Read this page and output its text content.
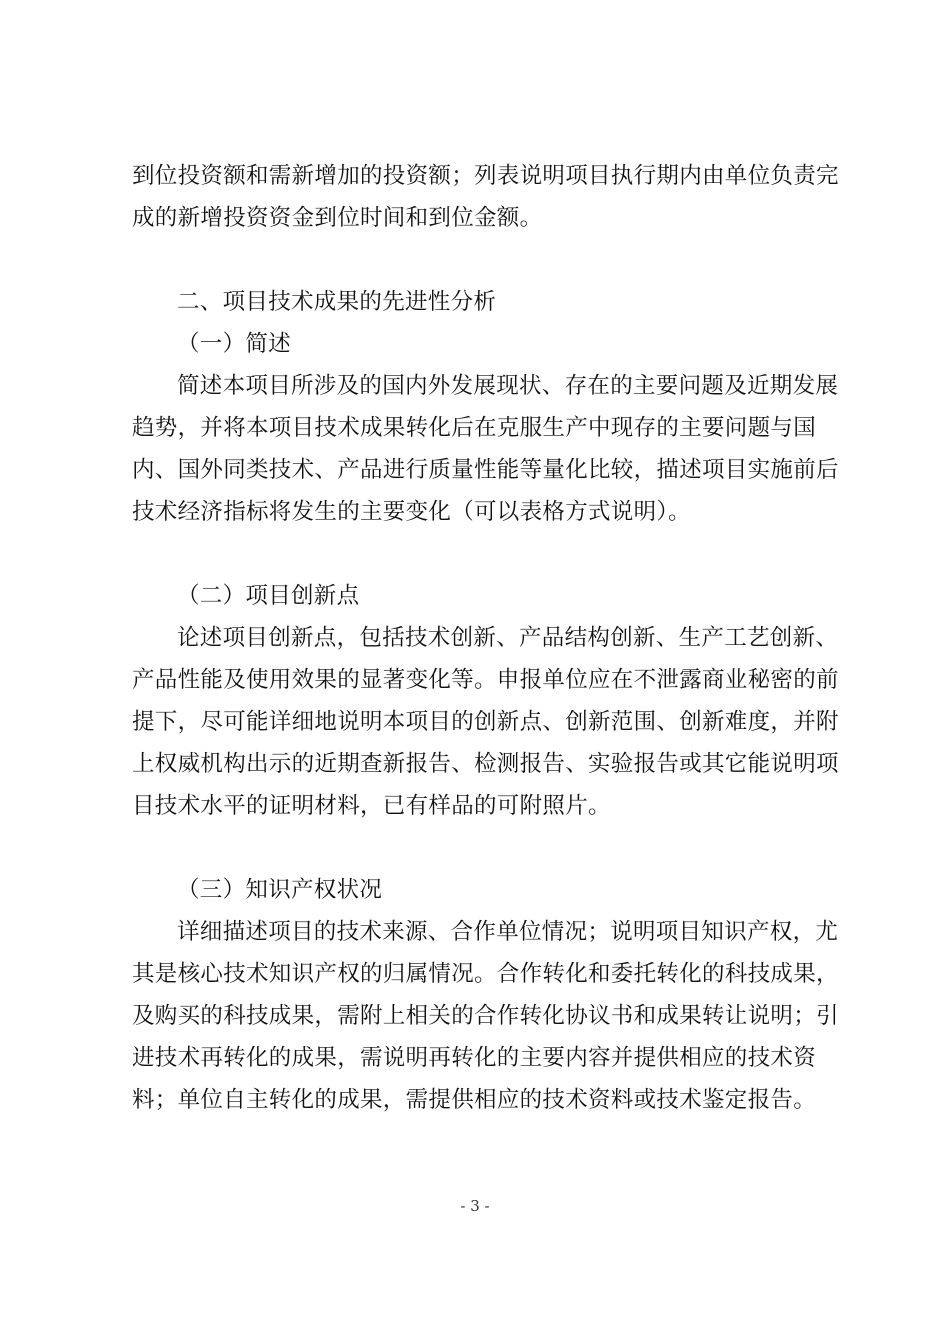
到位投资额和需新增加的投资额；列表说明项目执行期内由单位负责完
成的新增投资资金到位时间和到位金额。
二、项目技术成果的先进性分析
（一）简述
简述本项目所涉及的国内外发展现状、存在的主要问题及近期发展
趋势，并将本项目技术成果转化后在克服生产中现存的主要问题与国
内、国外同类技术、产品进行质量性能等量化比较，描述项目实施前后
技术经济指标将发生的主要变化（可以表格方式说明）。
（二）项目创新点
论述项目创新点，包括技术创新、产品结构创新、生产工艺创新、
产品性能及使用效果的显著变化等。申报单位应在不泄露商业秘密的前
提下，尽可能详细地说明本项目的创新点、创新范围、创新难度，并附
上权威机构出示的近期查新报告、检测报告、实验报告或其它能说明项
目技术水平的证明材料，已有样品的可附照片。
（三）知识产权状况
详细描述项目的技术来源、合作单位情况；说明项目知识产权，尤
其是核心技术知识产权的归属情况。合作转化和委托转化的科技成果，
及购买的科技成果，需附上相关的合作转化协议书和成果转让说明；引
进技术再转化的成果，需说明再转化的主要内容并提供相应的技术资
料；单位自主转化的成果，需提供相应的技术资料或技术鉴定报告。
- 3 -
